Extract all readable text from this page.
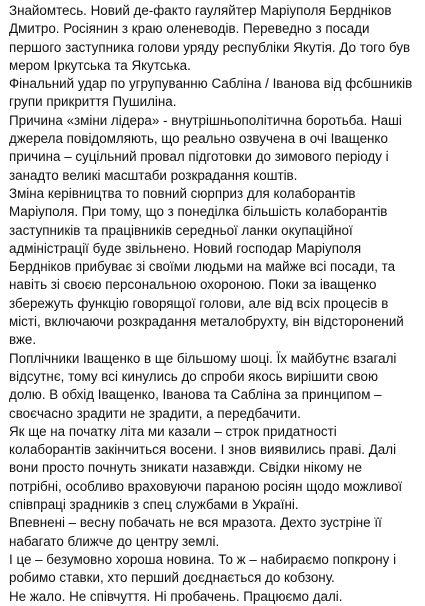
Знайомтесь. Новий де-факто гауляйтер Маріуполя Бердніков Дмитро. Росіянин з краю оленеводів. Переведно з посади першого заступника голови уряду республіки Якутія. До того був мером Іркутська та Якутська.

Фінальний удар по угрупуванню Сабліна / Іванова від фсбшників групи прикриття Пушиліна.

Причина «зміни лідера» - внутрішньополітична боротьба. Наші джерела повідомляють, що реально озвучена в очі Іващенко причина – суцільний провал підготовки до зимового періоду і занадто великі масштаби розкрадання коштів.

Зміна керівництва то повний сюрприз для колаборантів Маріуполя. При тому, що з понеділка більшість колаборантів заступників та працівників середньої ланки окупаційної адміністрації буде звільнено. Новий господар Маріуполя Бердніков прибуває зі своїми людьми на майже всі посади, та навіть зі своєю персональною охороною. Поки за іващенко збережуть функцію говорящої голови, але від всіх процесів в місті, включаючи розкрадання металобрухту, він відсторонений вже.

Поплічники Іващенко в ще більшому шоці. Їх майбутнє взагалі відсутнє, тому всі кинулись до спроби якось вирішити свою долю. В обхід Іващенко, Іванова та Сабліна за принципом – своєчасно зрадити не зрадити, а передбачити.

Як ще на початку літа ми казали – строк придатності колаборантів закінчиться восени. І знов виявились праві. Далі вони просто почнуть зникати назавжди. Свідки нікому не потрібні, особливо враховуючи параною росіян щодо можливої співпраці зрадників з спец службами в Україні.

Впевнені – весну побачать не вся мразота. Дехто зустріне її набагато ближче до центру землі.

І це – безумовно хороша новина. То ж – набираємо попкрону і робимо ставки, хто перший доєднається до кобзону.

Не жало. Не співчуття. Ні пробачень. Працюємо далі.
